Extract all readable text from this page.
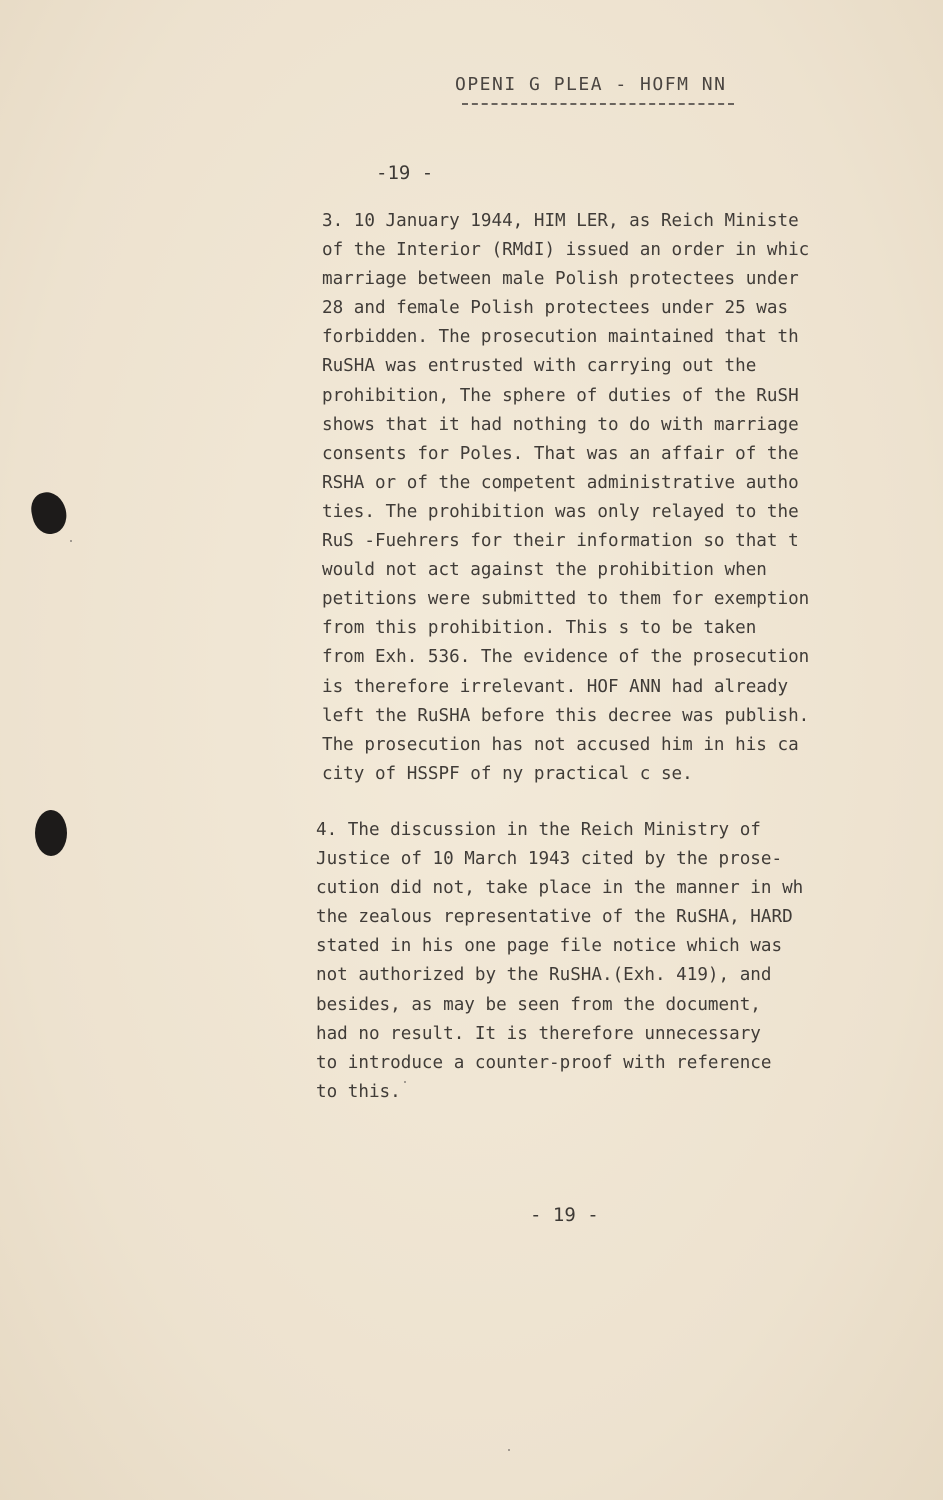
OPENI G PLEA - HOFM NN
-19 -
3. 10 January 1944, HIM LER, as Reich Ministe
of the Interior (RMdI) issued an order in whic
marriage between male Polish protectees under
28 and female Polish protectees under 25 was
forbidden. The prosecution maintained that th
RuSHA was entrusted with carrying out the
prohibition, The sphere of duties of the RuSH
shows that it had nothing to do with marriage
consents for Poles. That was an affair of the
RSHA or of the competent administrative autho
ties. The prohibition was only relayed to the
RuS -Fuehrers for their information so that t
would not act against the prohibition when
petitions were submitted to them for exemption
from this prohibition. This s to be taken
from Exh. 536. The evidence of the prosecution
is therefore irrelevant. HOF ANN had already
left the RuSHA before this decree was publish.
The prosecution has not accused him in his ca
city of HSSPF of ny practical c se.
4. The discussion in the Reich Ministry of
Justice of 10 March 1943 cited by the prose-
cution did not, take place in the manner in wh
the zealous representative of the RuSHA, HARD
stated in his one page file notice which was
not authorized by the RuSHA.(Exh. 419), and
besides, as may be seen from the document,
had no result. It is therefore unnecessary
to introduce a counter-proof with reference
to this.
- 19 -
